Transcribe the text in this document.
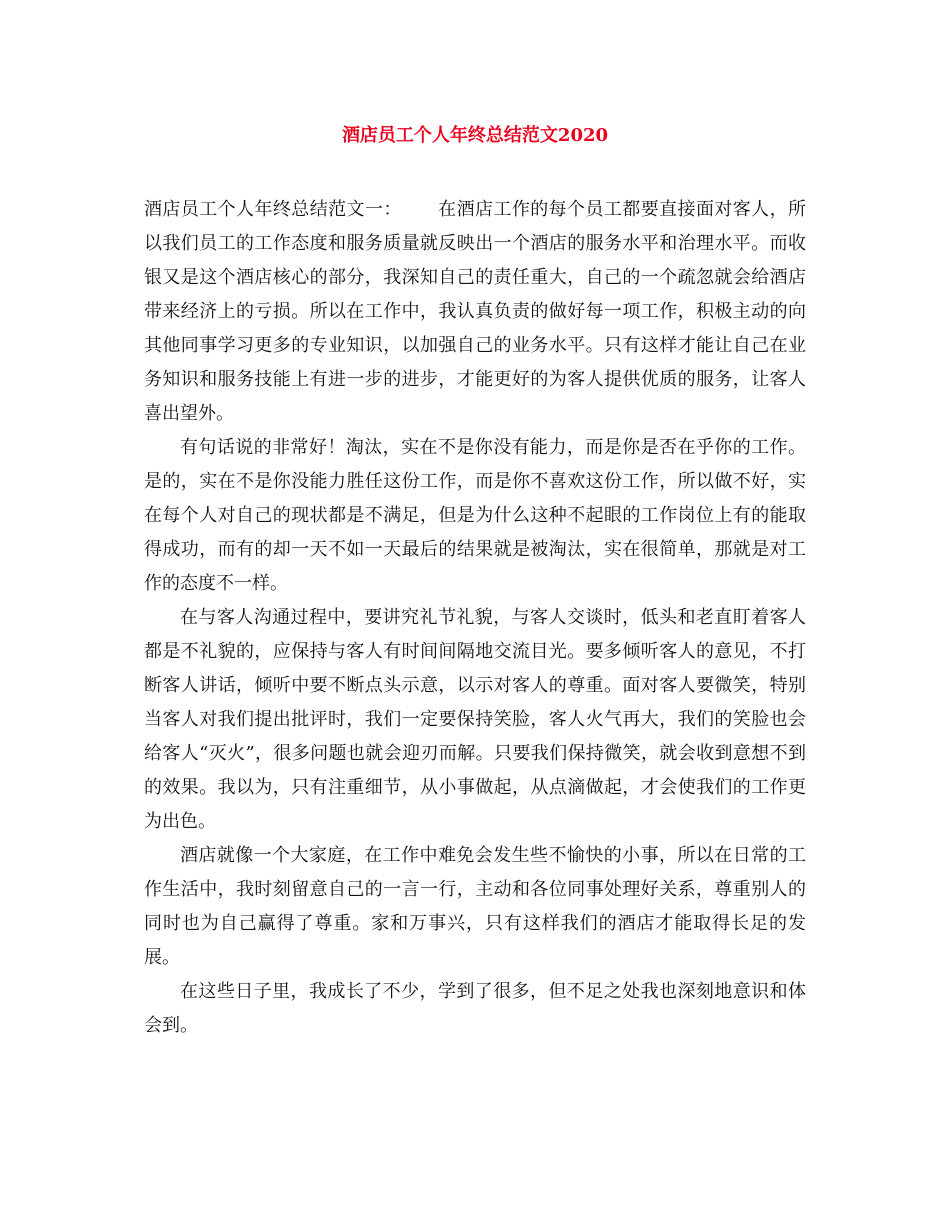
酒店员工个人年终总结范文2020

酒店员工个人年终总结范文一： 在酒店工作的每个员工都要直接面对客人，所以我们员工的工作态度和服务质量就反映出一个酒店的服务水平和治理水平。而收银又是这个酒店核心的部分，我深知自己的责任重大，自己的一个疏忽就会给酒店带来经济上的亏损。所以在工作中，我认真负责的做好每一项工作，积极主动的向其他同事学习更多的专业知识，以加强自己的业务水平。只有这样才能让自己在业务知识和服务技能上有进一步的进步，才能更好的为客人提供优质的服务，让客人喜出望外。

有句话说的非常好！淘汰，实在不是你没有能力，而是你是否在乎你的工作。是的，实在不是你没能力胜任这份工作，而是你不喜欢这份工作，所以做不好，实在每个人对自己的现状都是不满足，但是为什么这种不起眼的工作岗位上有的能取得成功，而有的却一天不如一天最后的结果就是被淘汰，实在很简单，那就是对工作的态度不一样。

在与客人沟通过程中，要讲究礼节礼貌，与客人交谈时，低头和老直盯着客人都是不礼貌的，应保持与客人有时间间隔地交流目光。要多倾听客人的意见，不打断客人讲话，倾听中要不断点头示意，以示对客人的尊重。面对客人要微笑，特别当客人对我们提出批评时，我们一定要保持笑脸，客人火气再大，我们的笑脸也会给客人“灭火”，很多问题也就会迎刃而解。只要我们保持微笑，就会收到意想不到的效果。我以为，只有注重细节，从小事做起，从点滴做起，才会使我们的工作更为出色。

酒店就像一个大家庭，在工作中难免会发生些不愉快的小事，所以在日常的工作生活中，我时刻留意自己的一言一行，主动和各位同事处理好关系，尊重别人的同时也为自己赢得了尊重。家和万事兴，只有这样我们的酒店才能取得长足的发展。

在这些日子里，我成长了不少，学到了很多，但不足之处我也深刻地意识和体会到。
